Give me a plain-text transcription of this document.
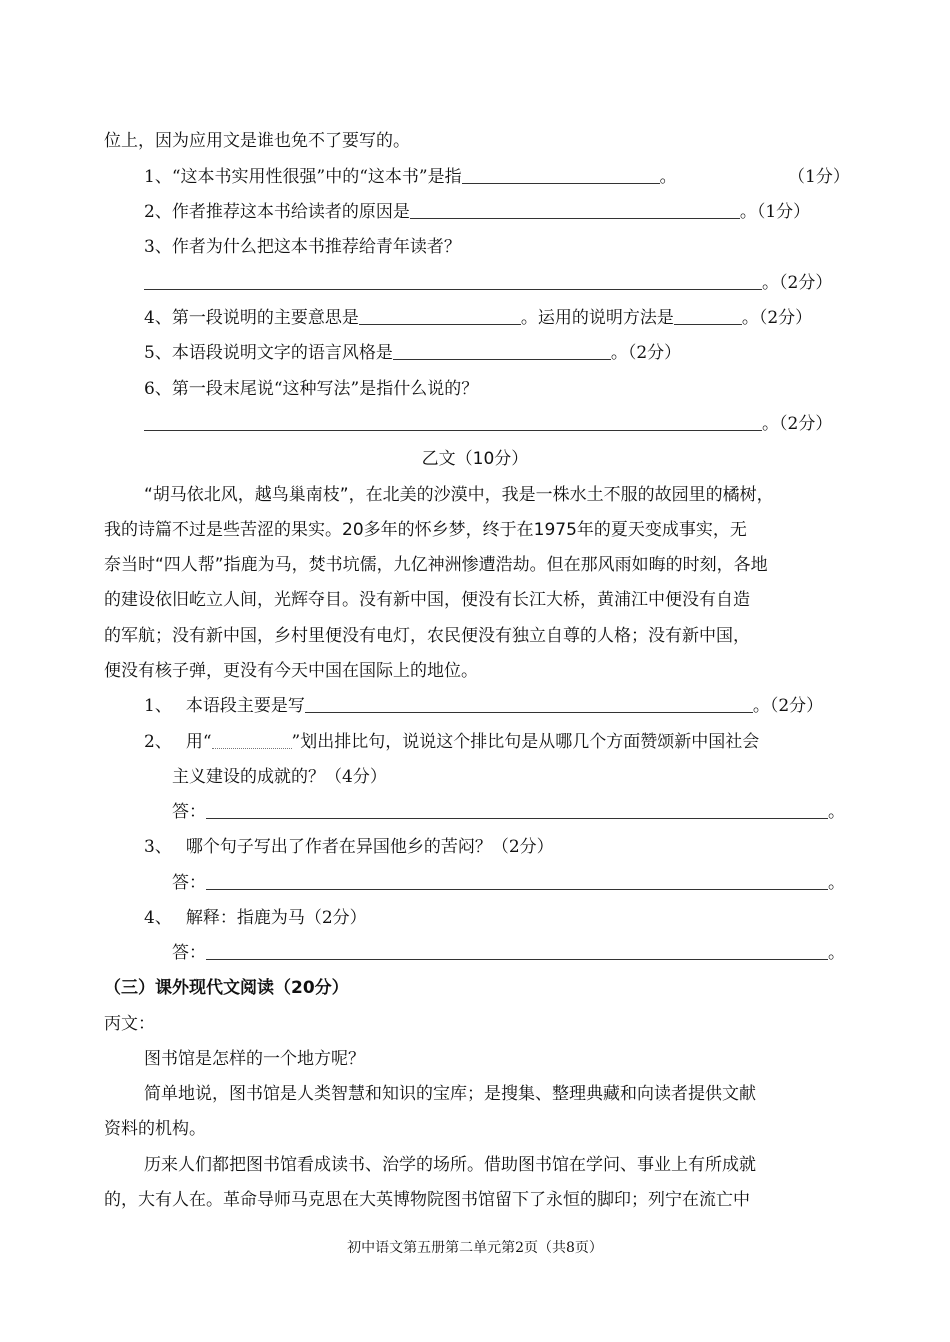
位上，因为应用文是谁也免不了要写的。
1、“这本书实用性很强”中的“这本书”是指	。	（1分）
2、作者推荐这本书给读者的原因是	。（1分）
3、作者为什么把这本书推荐给青年读者？
。（2分）
4、第一段说明的主要意思是	。运用的说明方法是	。（2分）
5、本语段说明文字的语言风格是	。（2分）
6、第一段末尾说“这种写法”是指什么说的？
。（2分）
乙文（10分）
“胡马依北风，越鸟巢南枝”，在北美的沙漠中，我是一株水土不服的故园里的橘树，
我的诗篇不过是些苦涩的果实。20多年的怀乡梦，终于在1975年的夏天变成事实，无
奈当时“四人帮”指鹿为马，焚书坑儒，九亿神洲惨遭浩劫。但在那风雨如晦的时刻，各地
的建设依旧屹立人间，光辉夺目。没有新中国，便没有长江大桥，黄浦江中便没有自造
的军航；没有新中国，乡村里便没有电灯，农民便没有独立自尊的人格；没有新中国，
便没有核子弹，更没有今天中国在国际上的地位。
1、 本语段主要是写	。（2分）
2、 用“	”划出排比句，说说这个排比句是从哪几个方面赞颂新中国社会
主义建设的成就的？（4分）
答：	。
3、 哪个句子写出了作者在异国他乡的苦闷？（2分）
答：	。
4、 解释：指鹿为马（2分）
答：	。
（三）课外现代文阅读（20分）
丙文：
图书馆是怎样的一个地方呢？
简单地说，图书馆是人类智慧和知识的宝库；是搜集、整理典藏和向读者提供文献
资料的机构。
历来人们都把图书馆看成读书、治学的场所。借助图书馆在学问、事业上有所成就
的，大有人在。革命导师马克思在大英博物院图书馆留下了永恒的脚印；列宁在流亡中
初中语文第五册第二单元第2页（共8页）
